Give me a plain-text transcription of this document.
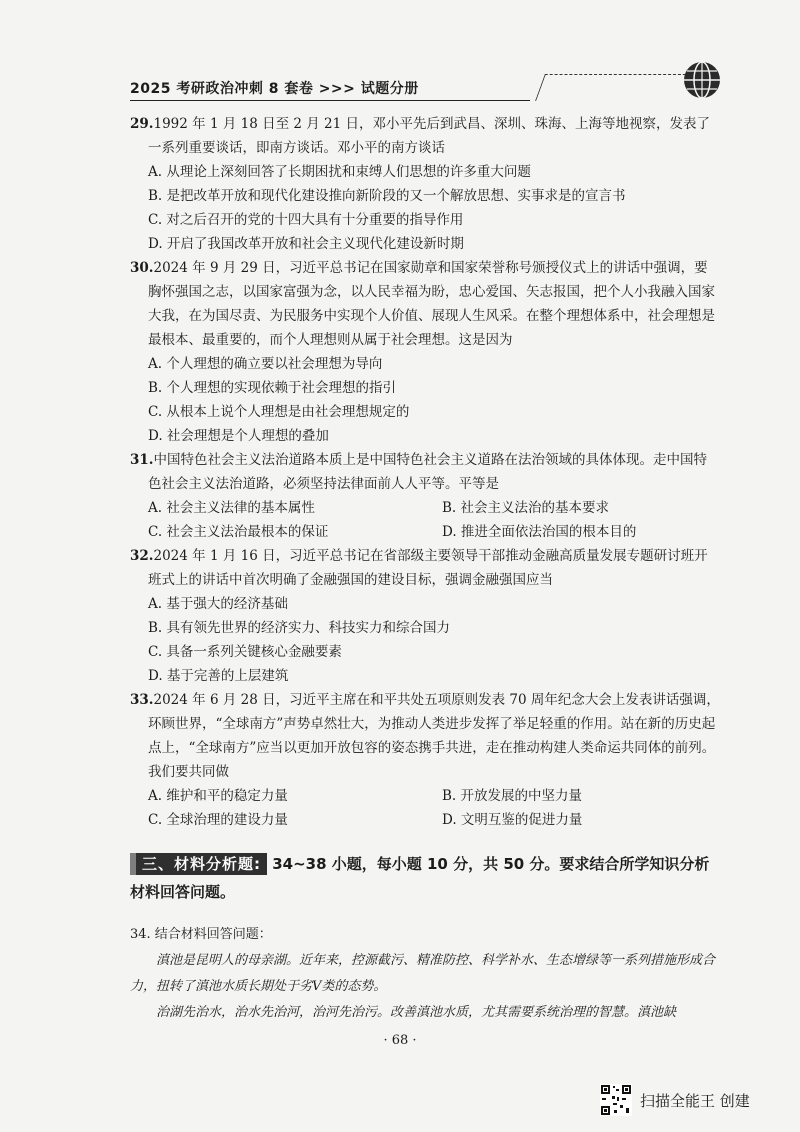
2025 考研政治冲刺 8 套卷 >>> 试题分册

29.1992 年 1 月 18 日至 2 月 21 日，邓小平先后到武昌、深圳、珠海、上海等地视察，发表了一系列重要谈话，即南方谈话。邓小平的南方谈话

A. 从理论上深刻回答了长期困扰和束缚人们思想的许多重大问题

B. 是把改革开放和现代化建设推向新阶段的又一个解放思想、实事求是的宣言书

C. 对之后召开的党的十四大具有十分重要的指导作用

D. 开启了我国改革开放和社会主义现代化建设新时期

30.2024 年 9 月 29 日，习近平总书记在国家勋章和国家荣誉称号颁授仪式上的讲话中强调，要胸怀强国之志，以国家富强为念，以人民幸福为盼，忠心爱国、矢志报国，把个人小我融入国家大我，在为国尽责、为民服务中实现个人价值、展现人生风采。在整个理想体系中，社会理想是最根本、最重要的，而个人理想则从属于社会理想。这是因为

A. 个人理想的确立要以社会理想为导向

B. 个人理想的实现依赖于社会理想的指引

C. 从根本上说个人理想是由社会理想规定的

D. 社会理想是个人理想的叠加

31.中国特色社会主义法治道路本质上是中国特色社会主义道路在法治领域的具体体现。走中国特色社会主义法治道路，必须坚持法律面前人人平等。平等是

A. 社会主义法律的基本属性	B. 社会主义法治的基本要求

C. 社会主义法治最根本的保证	D. 推进全面依法治国的根本目的

32.2024 年 1 月 16 日，习近平总书记在省部级主要领导干部推动金融高质量发展专题研讨班开班式上的讲话中首次明确了金融强国的建设目标，强调金融强国应当

A. 基于强大的经济基础

B. 具有领先世界的经济实力、科技实力和综合国力

C. 具备一系列关键核心金融要素

D. 基于完善的上层建筑

33.2024 年 6 月 28 日，习近平主席在和平共处五项原则发表 70 周年纪念大会上发表讲话强调，环顾世界，“全球南方”声势卓然壮大，为推动人类进步发挥了举足轻重的作用。站在新的历史起点上，“全球南方”应当以更加开放包容的姿态携手共进，走在推动构建人类命运共同体的前列。我们要共同做

A. 维护和平的稳定力量	B. 开放发展的中坚力量

C. 全球治理的建设力量	D. 文明互鉴的促进力量

三、材料分析题: 34~38 小题，每小题 10 分，共 50 分。要求结合所学知识分析材料回答问题。

34. 结合材料回答问题：

滇池是昆明人的母亲湖。近年来，控源截污、精准防控、科学补水、生态增绿等一系列措施形成合力，扭转了滇池水质长期处于劣Ⅴ类的态势。

治湖先治水，治水先治河，治河先治污。改善滇池水质，尤其需要系统治理的智慧。滇池缺

· 68 ·
扫描全能王 创建
